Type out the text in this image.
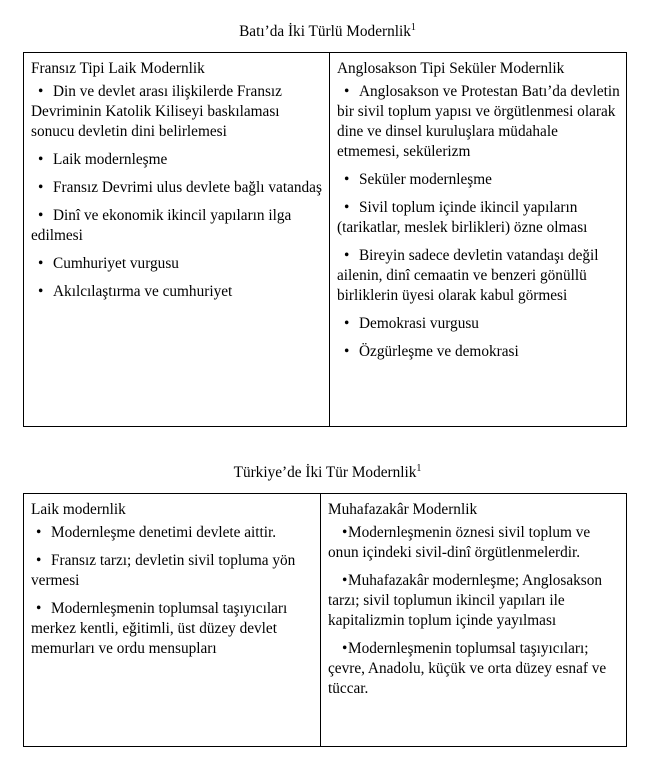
Batı’da İki Türlü Modernlik$^1$
Fransız Tipi Laik Modernlik
• Din ve devlet arası ilişkilerde Fransız Devriminin Katolik Kiliseyi baskılaması sonucu devletin dini belirlemesi
• Laik modernleşme
• Fransız Devrimi ulus devlete bağlı vatandaş
• Dinî ve ekonomik ikincil yapıların ilga edilmesi
• Cumhuriyet vurgusu
• Akılcılaştırma ve cumhuriyet
Anglosakson Tipi Seküler Modernlik
• Anglosakson ve Protestan Batı’da devletin bir sivil toplum yapısı ve örgütlenmesi olarak dine ve dinsel kuruluşlara müdahale etmemesi, sekülerizm
• Seküler modernleşme
• Sivil toplum içinde ikincil yapıların (tarikatlar, meslek birlikleri) özne olması
• Bireyin sadece devletin vatandaşı değil ailenin, dinî cemaatin ve benzeri gönüllü birliklerin üyesi olarak kabul görmesi
• Demokrasi vurgusu
• Özgürleşme ve demokrasi
Türkiye’de İki Tür Modernlik$^1$
Laik modernlik
• Modernleşme denetimi devlete aittir.
• Fransız tarzı; devletin sivil topluma yön vermesi
• Modernleşmenin toplumsal taşıyıcıları merkez kentli, eğitimli, üst düzey devlet memurları ve ordu mensupları
Muhafazakâr Modernlik
•Modernleşmenin öznesi sivil toplum ve onun içindeki sivil-dinî örgütlenmelerdir.
•Muhafazakâr modernleşme; Anglosakson tarzı; sivil toplumun ikincil yapıları ile kapitalizmin toplum içinde yayılması
•Modernleşmenin toplumsal taşıyıcıları; çevre, Anadolu, küçük ve orta düzey esnaf ve tüccar.
